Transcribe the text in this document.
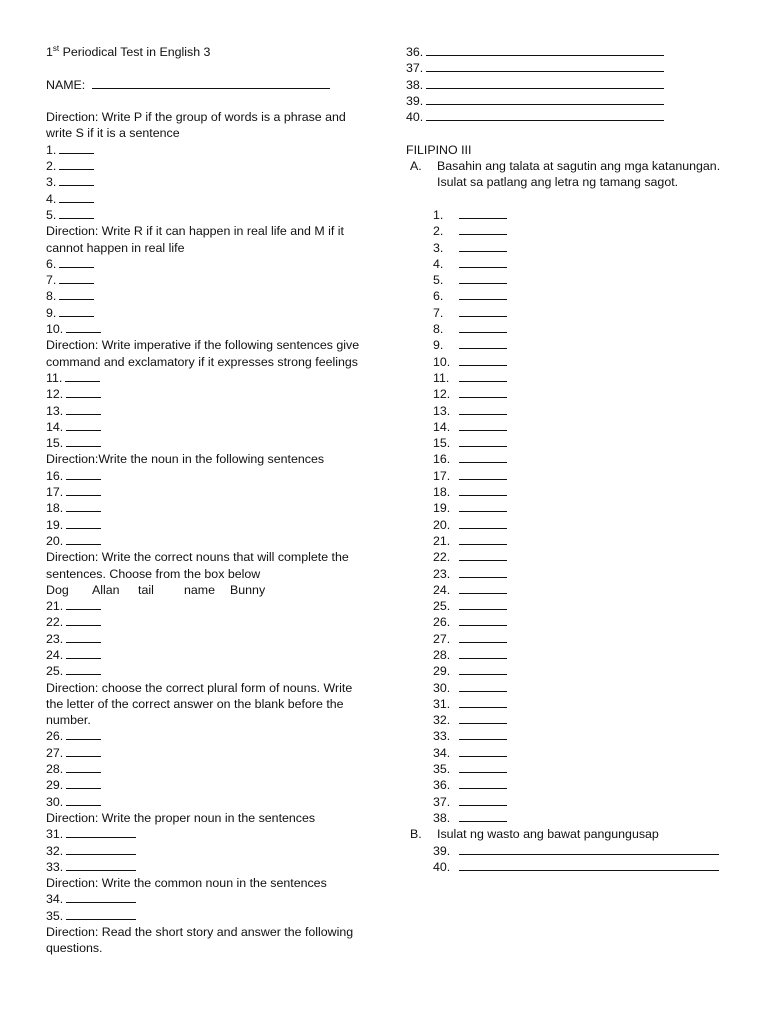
1st Periodical Test in English 3
NAME:
Direction: Write P if the group of words is a phrase and write S if it is a sentence
1.
2.
3.
4.
5.
Direction: Write R if it can happen in real life and M if it cannot happen in real life
6.
7.
8.
9.
10.
Direction: Write imperative if the following sentences give command and exclamatory if it expresses strong feelings
11.
12.
13.
14.
15.
Direction:Write the noun in the following sentences
16.
17.
18.
19.
20.
Direction: Write the correct nouns that will complete the sentences. Choose from the box below
Dog Allan tail name Bunny
21.
22.
23.
24.
25.
Direction: choose the correct plural form of nouns. Write the letter of the correct answer on the blank before the number.
26.
27.
28.
29.
30.
Direction: Write the proper noun in the sentences
31.
32.
33.
Direction: Write the common noun in the sentences
34.
35.
Direction: Read the short story and answer the following questions.
36.
37.
38.
39.
40.
FILIPINO III
A.	Basahin ang talata at sagutin ang mga katanungan. Isulat sa patlang ang letra ng tamang sagot.
1.
2.
3.
4.
5.
6.
7.
8.
9.
10.
11.
12.
13.
14.
15.
16.
17.
18.
19.
20.
21.
22.
23.
24.
25.
26.
27.
28.
29.
30.
31.
32.
33.
34.
35.
36.
37.
38.
B.	Isulat ng wasto ang bawat pangungusap
39.
40.
